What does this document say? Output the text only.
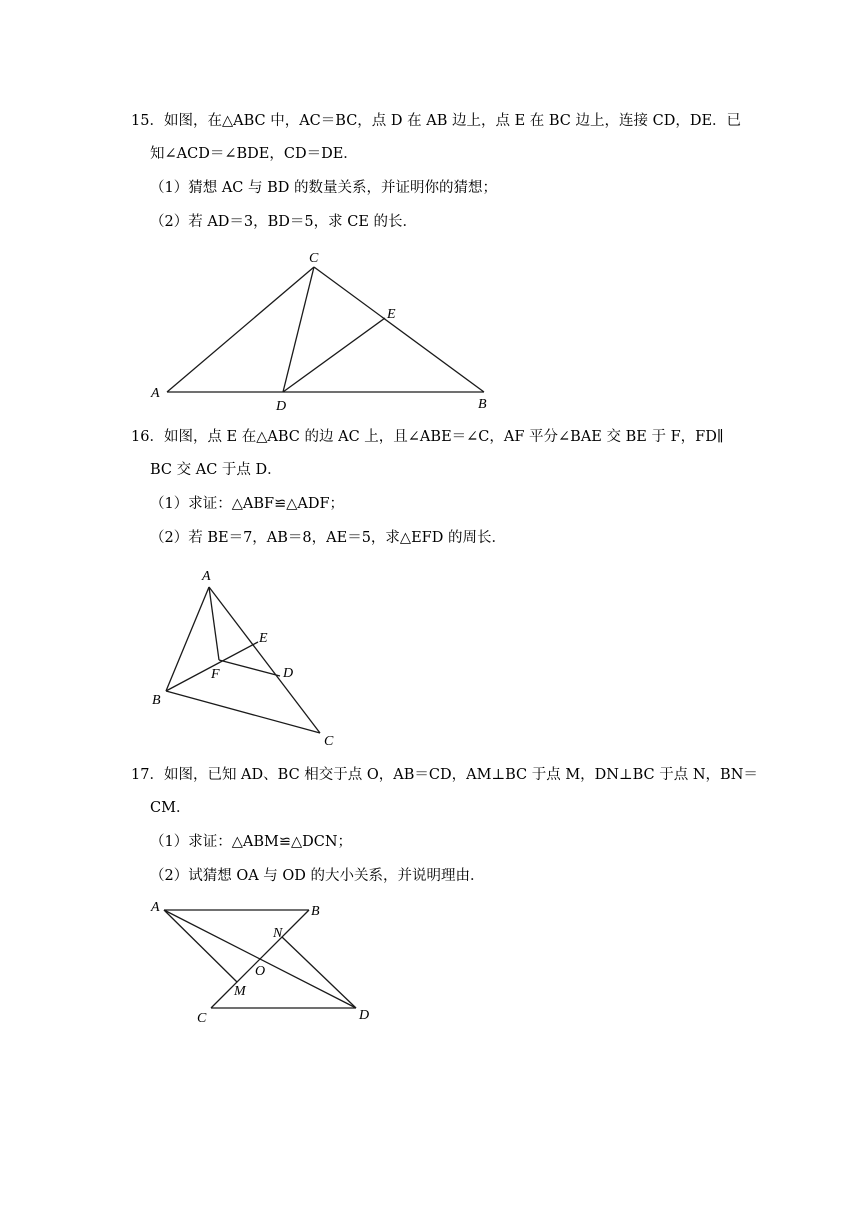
15．如图，在△ABC 中，AC＝BC，点 D 在 AB 边上，点 E 在 BC 边上，连接 CD，DE．已
知∠ACD＝∠BDE，CD＝DE．
（1）猜想 AC 与 BD 的数量关系，并证明你的猜想；
（2）若 AD＝3，BD＝5，求 CE 的长．
A
B
C
D
E
A
B
C
D
E
F
A	B
C	D
M
N
O
16．如图，点 E 在△ABC 的边 AC 上，且∠ABE＝∠C，AF 平分∠BAE 交 BE 于 F，FD∥
BC 交 AC 于点 D．
（1）求证：△ABF≌△ADF；
（2）若 BE＝7，AB＝8，AE＝5，求△EFD 的周长．
17．如图，已知 AD、BC 相交于点 O，AB＝CD，AM⊥BC 于点 M，DN⊥BC 于点 N，BN＝
CM．
（1）求证：△ABM≌△DCN；
（2）试猜想 OA 与 OD 的大小关系，并说明理由．
